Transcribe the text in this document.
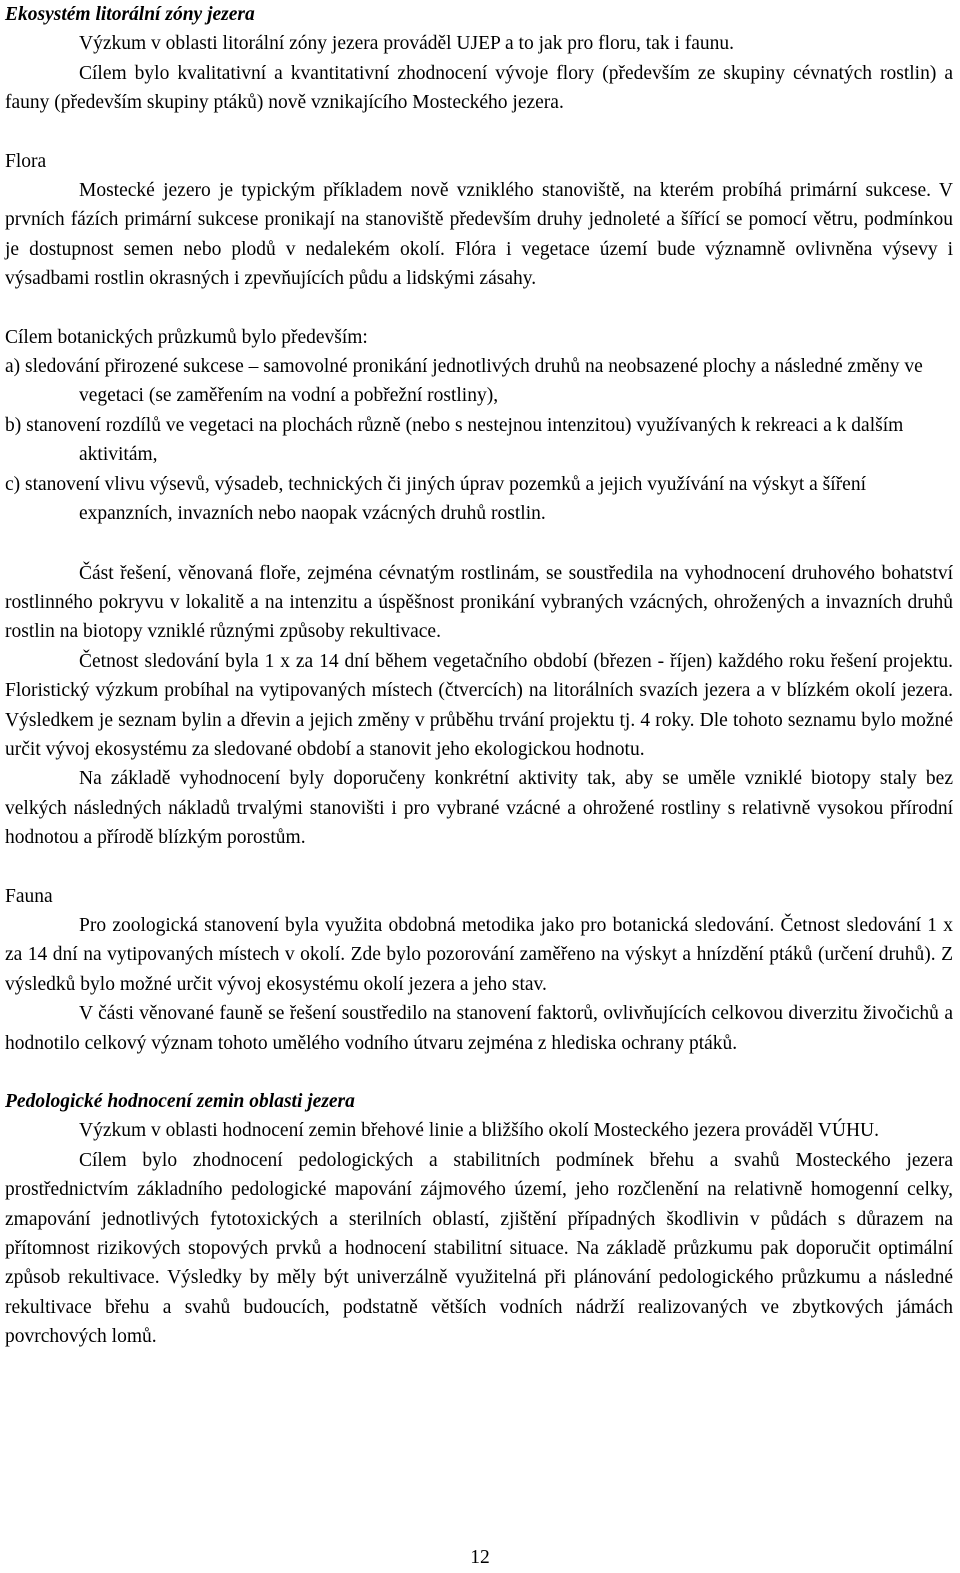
Ekosystém litorální zóny jezera

Výzkum v oblasti litorální zóny jezera prováděl UJEP a to jak pro floru, tak i faunu.

Cílem bylo kvalitativní a kvantitativní zhodnocení vývoje flory (především ze skupiny cévnatých rostlin) a fauny (především skupiny ptáků) nově vznikajícího Mosteckého jezera.

Flora

Mostecké jezero je typickým příkladem nově vzniklého stanoviště, na kterém probíhá primární sukcese. V prvních fázích primární sukcese pronikají na stanoviště především druhy jednoleté a šířící se pomocí větru, podmínkou je dostupnost semen nebo plodů v nedalekém okolí. Flóra i vegetace území bude významně ovlivněna výsevy i výsadbami rostlin okrasných i zpevňujících půdu a lidskými zásahy.

Cílem botanických průzkumů bylo především:

a) sledování přirozené sukcese – samovolné pronikání jednotlivých druhů na neobsazené plochy a následné změny ve vegetaci (se zaměřením na vodní a pobřežní rostliny),
b) stanovení rozdílů ve vegetaci na plochách různě (nebo s nestejnou intenzitou) využívaných k rekreaci a k dalším aktivitám,
c) stanovení vlivu výsevů, výsadeb, technických či jiných úprav pozemků a jejich využívání na výskyt a šíření expanzních, invazních nebo naopak vzácných druhů rostlin.

Část řešení, věnovaná floře, zejména cévnatým rostlinám, se soustředila na vyhodnocení druhového bohatství rostlinného pokryvu v lokalitě a na intenzitu a úspěšnost pronikání vybraných vzácných, ohrožených a invazních druhů rostlin na biotopy vzniklé různými způsoby rekultivace.

Četnost sledování byla 1 x za 14 dní během vegetačního období (březen - říjen) každého roku řešení projektu. Floristický výzkum probíhal na vytipovaných místech (čtvercích) na litorálních svazích jezera a v blízkém okolí jezera. Výsledkem je seznam bylin a dřevin a jejich změny v průběhu trvání projektu tj. 4 roky. Dle tohoto seznamu bylo možné určit vývoj ekosystému za sledované období a stanovit jeho ekologickou hodnotu.

Na základě vyhodnocení byly doporučeny konkrétní aktivity tak, aby se uměle vzniklé biotopy staly bez velkých následných nákladů trvalými stanovišti i pro vybrané vzácné a ohrožené rostliny s relativně vysokou přírodní hodnotou a přírodě blízkým porostům.

Fauna

Pro zoologická stanovení byla využita obdobná metodika jako pro botanická sledování. Četnost sledování 1 x za 14 dní na vytipovaných místech v okolí. Zde bylo pozorování zaměřeno na výskyt a hnízdění ptáků (určení druhů). Z výsledků bylo možné určit vývoj ekosystému okolí jezera a jeho stav.

V části věnované fauně se řešení soustředilo na stanovení faktorů, ovlivňujících celkovou diverzitu živočichů a hodnotilo celkový význam tohoto umělého vodního útvaru zejména z hlediska ochrany ptáků.

Pedologické hodnocení zemin oblasti jezera

Výzkum v oblasti hodnocení zemin břehové linie a bližšího okolí Mosteckého jezera prováděl VÚHU.

Cílem bylo zhodnocení pedologických a stabilitních podmínek břehu a svahů Mosteckého jezera prostřednictvím základního pedologické mapování zájmového území, jeho rozčlenění na relativně homogenní celky, zmapování jednotlivých fytotoxických a sterilních oblastí, zjištění případných škodlivin v půdách s důrazem na přítomnost rizikových stopových prvků a hodnocení stabilitní situace. Na základě průzkumu pak doporučit optimální způsob rekultivace. Výsledky by měly být univerzálně využitelná při plánování pedologického průzkumu a následné rekultivace břehu a svahů budoucích, podstatně větších vodních nádrží realizovaných ve zbytkových jámách povrchových lomů.

12
